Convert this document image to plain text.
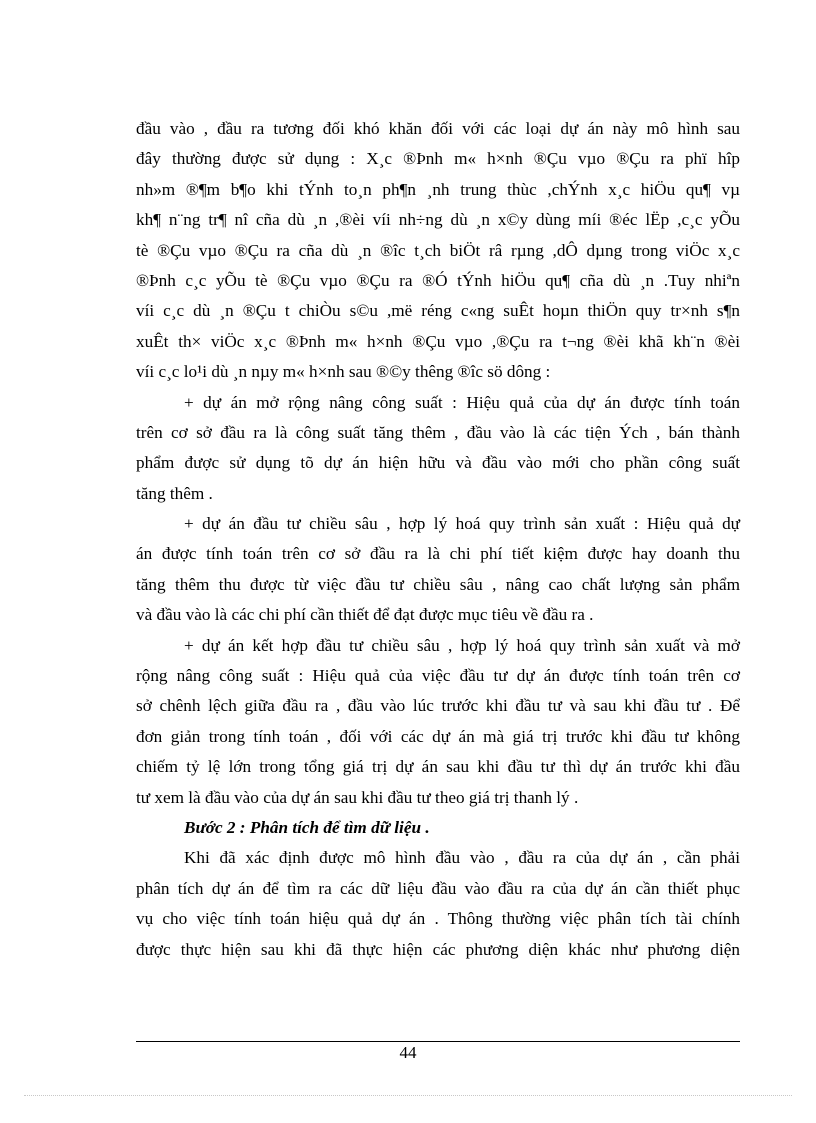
đầu vào , đầu ra tương đối khó khăn đối với các loại dự án này mô hình sau
đây thường được sử dụng : X¸c ®Þnh m« h×nh ®Çu vµo ®Çu ra phï hîp
nh»m ®¶m b¶o khi tÝnh to¸n ph¶n ¸nh trung thùc ,chÝnh x¸c hiÖu qu¶ vµ
kh¶ n¨ng tr¶ nî cña dù ¸n ,®èi víi nh÷ng dù ¸n x©y dùng míi ®éc lËp ,c¸c yÕu
tè ®Çu vµo ®Çu ra cña dù ¸n ®îc t¸ch biÖt râ rµng ,dÔ dµng trong viÖc x¸c
®Þnh c¸c yÕu tè ®Çu vµo ®Çu ra ®Ó tÝnh hiÖu qu¶ cña dù ¸n .Tuy nhiªn
víi c¸c dù ¸n ®Çu t chiÒu s©u ,më réng c«ng suÊt hoµn thiÖn quy tr×nh s¶n
xuÊt th× viÖc x¸c ®Þnh m« h×nh ®Çu vµo ,®Çu ra t¬ng ®èi khã kh¨n ®èi
víi c¸c lo¹i dù ¸n nµy m« h×nh sau ®©y thêng ®îc sö dông :
+ dự án mở rộng nâng công suất : Hiệu quả của dự án được tính toán
trên cơ sở đầu ra là công suất tăng thêm , đầu vào là các tiện Ých , bán thành
phẩm được sử dụng tõ dự án hiện hữu và đầu vào mới cho phần công suất
tăng thêm .
+ dự án đầu tư chiều sâu , hợp lý hoá quy trình sản xuất : Hiệu quả dự
án được tính toán trên cơ sở đầu ra là chi phí tiết kiệm được hay doanh thu
tăng thêm thu được từ việc đầu tư chiều sâu , nâng cao chất lượng sản phẩm
và đầu vào là các chi phí cần thiết để đạt được mục tiêu về đầu ra .
+ dự án kết hợp đầu tư chiều sâu , hợp lý hoá quy trình sản xuất và mở
rộng nâng công suất : Hiệu quả của việc đầu tư dự án được tính toán trên cơ
sở chênh lệch giữa đầu ra , đầu vào lúc trước khi đầu tư và sau khi đầu tư . Để
đơn giản trong tính toán , đối với các dự án mà giá trị trước khi đầu tư không
chiếm tỷ lệ lớn trong tổng giá trị dự án sau khi đầu tư thì dự án trước khi đầu
tư xem là đầu vào của dự án sau khi đầu tư theo giá trị thanh lý .
Bước 2 : Phân tích để tìm dữ liệu .
Khi đã xác định được mô hình đầu vào , đầu ra của dự án , cần phải
phân tích dự án để tìm ra các dữ liệu đầu vào đầu ra của dự án cần thiết phục
vụ cho việc tính toán hiệu quả dự án . Thông thường việc phân tích tài chính
được thực hiện sau khi đã thực hiện các phương diện khác như phương diện
44
